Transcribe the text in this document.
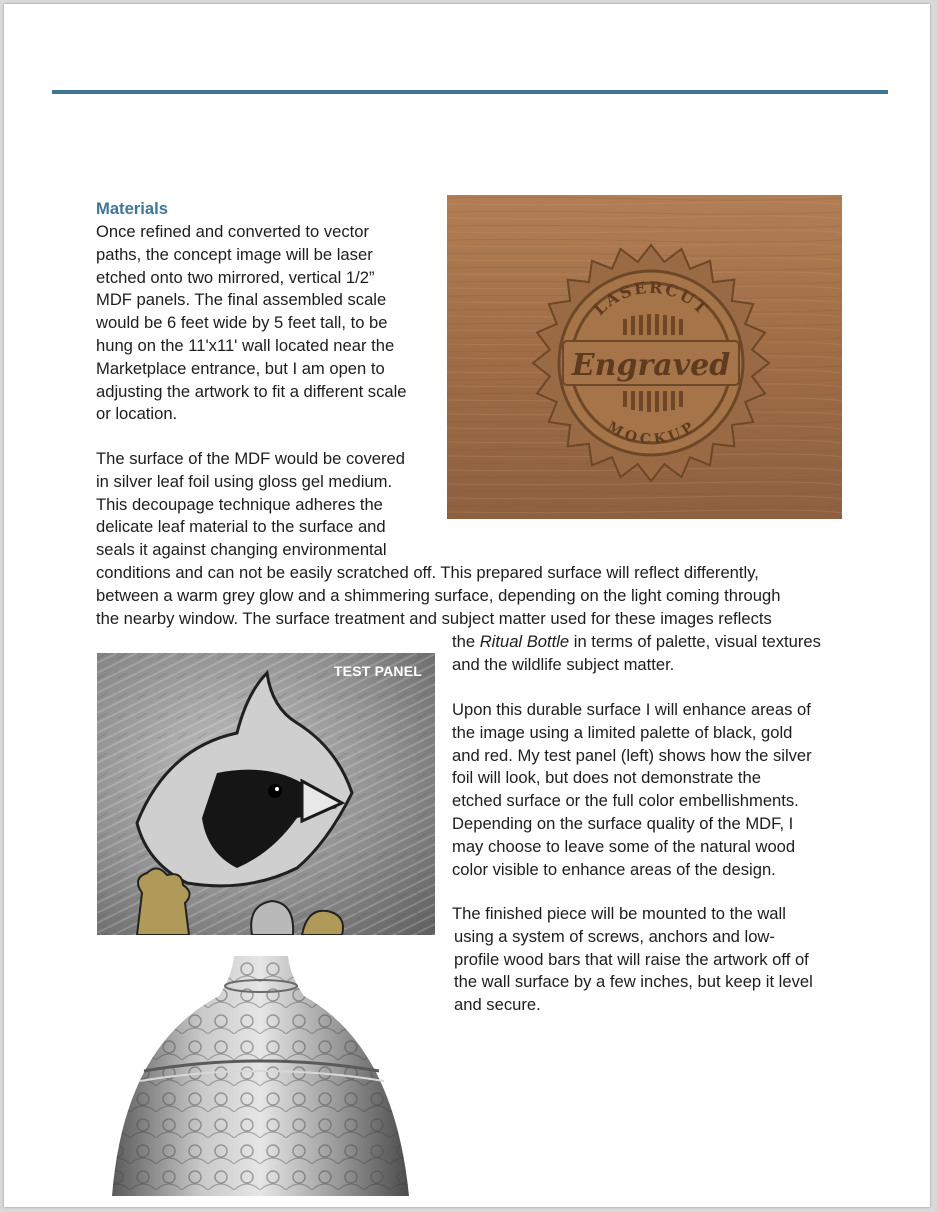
Materials
Once refined and converted to vector
paths, the concept image will be laser
etched onto two mirrored, vertical 1/2”
MDF panels. The final assembled scale
would be 6 feet wide by 5 feet tall, to be
hung on the 11'x11' wall located near the
Marketplace entrance, but I am open to
adjusting the artwork to fit a different scale
or location.
The surface of the MDF would be covered
in silver leaf foil using gloss gel medium.
This decoupage technique adheres the
delicate leaf material to the surface and
seals it against changing environmental
conditions and can not be easily scratched off. This prepared surface will reflect differently,
between a warm grey glow and a shimmering surface, depending on the light coming through
the nearby window. The surface treatment and subject matter used for these images reflects
the Ritual Bottle in terms of palette, visual textures
and the wildlife subject matter.
Upon this durable surface I will enhance areas of
the image using a limited palette of black, gold
and red. My test panel (left) shows how the silver
foil will look, but does not demonstrate the
etched surface or the full color embellishments.
Depending on the surface quality of the MDF, I
may choose to leave some of the natural wood
color visible to enhance areas of the design.
The finished piece will be mounted to the wall
using a system of screws, anchors and low-
profile wood bars that will raise the artwork off of
the wall surface by a few inches, but keep it level
and secure.
Engraved
LASERCUT
MOCKUP
TEST PANEL
